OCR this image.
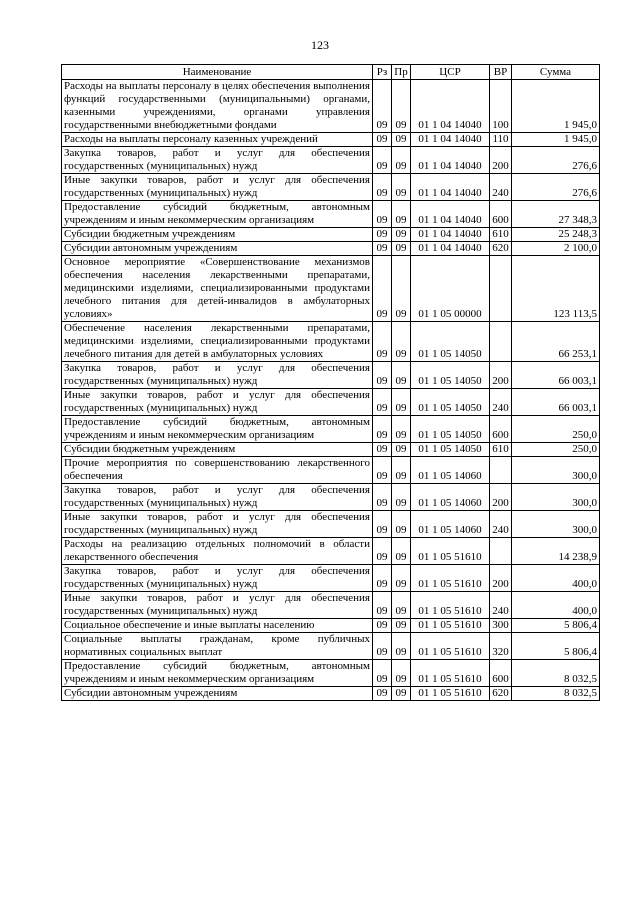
123
Наименование	Рз	Пр	ЦСР	ВР	Сумма
Расходы на выплаты персоналу в целях обеспечения выполнения функций государственными (муниципальными) органами, казенными учреждениями, органами управления государственными внебюджетными фондами	09	09	01 1 04 14040	100	1 945,0
Расходы на выплаты персоналу казенных учреждений	09	09	01 1 04 14040	110	1 945,0
Закупка товаров, работ и услуг для обеспечения государственных (муниципальных) нужд	09	09	01 1 04 14040	200	276,6
Иные закупки товаров, работ и услуг для обеспечения государственных (муниципальных) нужд	09	09	01 1 04 14040	240	276,6
Предоставление субсидий бюджетным, автономным учреждениям и иным некоммерческим организациям	09	09	01 1 04 14040	600	27 348,3
Субсидии бюджетным учреждениям	09	09	01 1 04 14040	610	25 248,3
Субсидии автономным учреждениям	09	09	01 1 04 14040	620	2 100,0
Основное мероприятие «Совершенствование механизмов обеспечения населения лекарственными препаратами, медицинскими изделиями, специализированными продуктами лечебного питания для детей-инвалидов в амбулаторных условиях»	09	09	01 1 05 00000		123 113,5
Обеспечение населения лекарственными препаратами, медицинскими изделиями, специализированными продуктами лечебного питания для детей в амбулаторных условиях	09	09	01 1 05 14050		66 253,1
Закупка товаров, работ и услуг для обеспечения государственных (муниципальных) нужд	09	09	01 1 05 14050	200	66 003,1
Иные закупки товаров, работ и услуг для обеспечения государственных (муниципальных) нужд	09	09	01 1 05 14050	240	66 003,1
Предоставление субсидий бюджетным, автономным учреждениям и иным некоммерческим организациям	09	09	01 1 05 14050	600	250,0
Субсидии бюджетным учреждениям	09	09	01 1 05 14050	610	250,0
Прочие мероприятия по совершенствованию лекарственного обеспечения	09	09	01 1 05 14060		300,0
Закупка товаров, работ и услуг для обеспечения государственных (муниципальных) нужд	09	09	01 1 05 14060	200	300,0
Иные закупки товаров, работ и услуг для обеспечения государственных (муниципальных) нужд	09	09	01 1 05 14060	240	300,0
Расходы на реализацию отдельных полномочий в области лекарственного обеспечения	09	09	01 1 05 51610		14 238,9
Закупка товаров, работ и услуг для обеспечения государственных (муниципальных) нужд	09	09	01 1 05 51610	200	400,0
Иные закупки товаров, работ и услуг для обеспечения государственных (муниципальных) нужд	09	09	01 1 05 51610	240	400,0
Социальное обеспечение и иные выплаты населению	09	09	01 1 05 51610	300	5 806,4
Социальные выплаты гражданам, кроме публичных нормативных социальных выплат	09	09	01 1 05 51610	320	5 806,4
Предоставление субсидий бюджетным, автономным учреждениям и иным некоммерческим организациям	09	09	01 1 05 51610	600	8 032,5
Субсидии автономным учреждениям	09	09	01 1 05 51610	620	8 032,5
